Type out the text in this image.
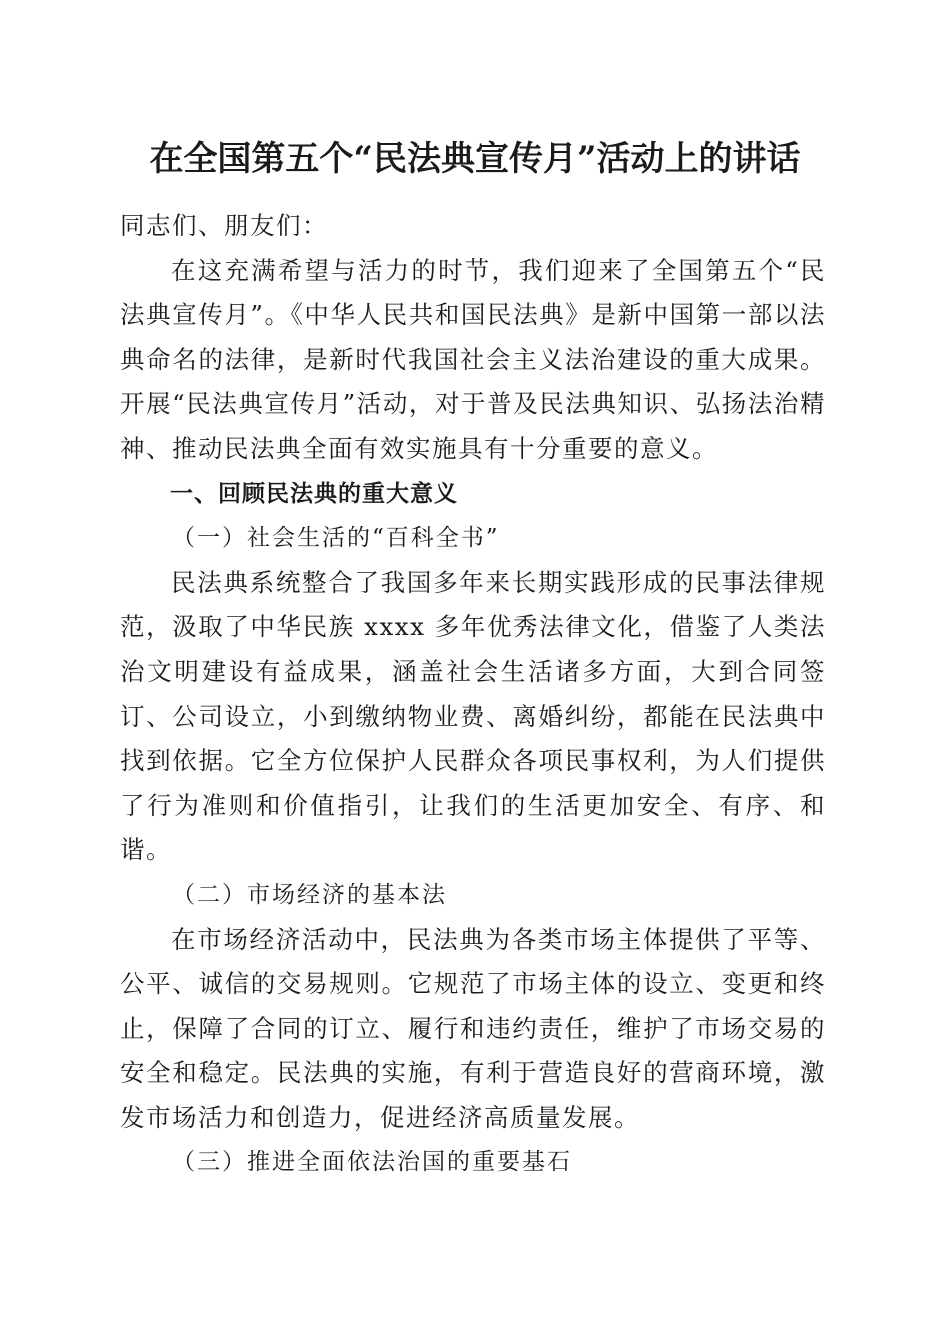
在全国第五个“民法典宣传月”活动上的讲话

同志们、朋友们：

在这充满希望与活力的时节，我们迎来了全国第五个“民法典宣传月”。《中华人民共和国民法典》是新中国第一部以法典命名的法律，是新时代我国社会主义法治建设的重大成果。开展“民法典宣传月”活动，对于普及民法典知识、弘扬法治精神、推动民法典全面有效实施具有十分重要的意义。

一、回顾民法典的重大意义

（一）社会生活的“百科全书”

民法典系统整合了我国多年来长期实践形成的民事法律规范，汲取了中华民族 xxxx 多年优秀法律文化，借鉴了人类法治文明建设有益成果，涵盖社会生活诸多方面，大到合同签订、公司设立，小到缴纳物业费、离婚纠纷，都能在民法典中找到依据。它全方位保护人民群众各项民事权利，为人们提供了行为准则和价值指引，让我们的生活更加安全、有序、和谐。

（二）市场经济的基本法

在市场经济活动中，民法典为各类市场主体提供了平等、公平、诚信的交易规则。它规范了市场主体的设立、变更和终止，保障了合同的订立、履行和违约责任，维护了市场交易的安全和稳定。民法典的实施，有利于营造良好的营商环境，激发市场活力和创造力，促进经济高质量发展。

（三）推进全面依法治国的重要基石
